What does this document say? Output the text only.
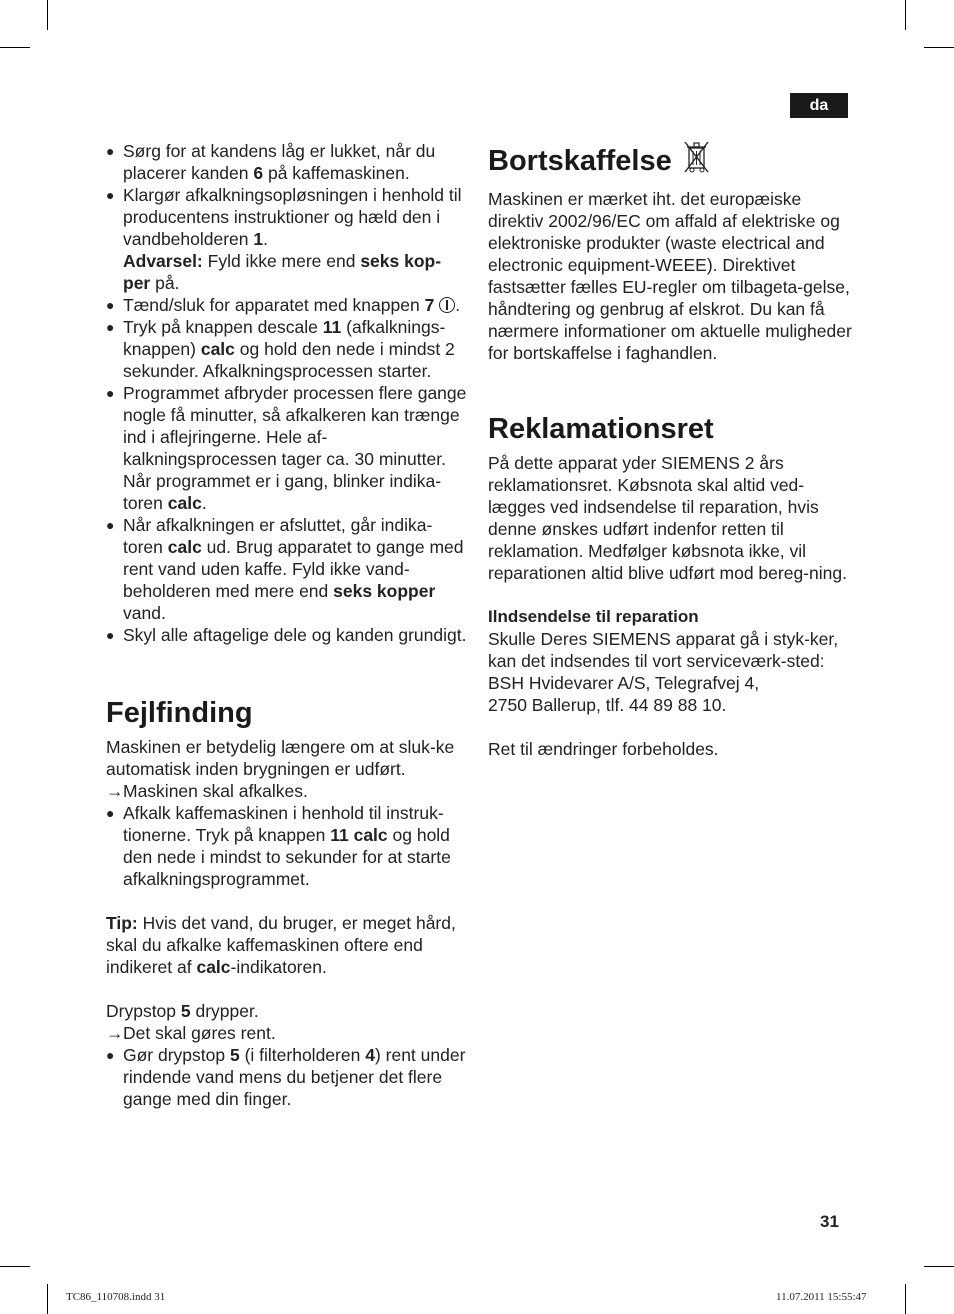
da
● Sørg for at kandens låg er lukket, når du placerer kanden 6 på kaffemaskinen.
● Klargør afkalkningsopløsningen i henhold til producentens instruktioner og hæld den i vandbeholderen 1.
Advarsel: Fyld ikke mere end seks kop-per på.
● Tænd/sluk for apparatet med knappen 7 .
● Tryk på knappen descale 11 (afkalknings-knappen) calc og hold den nede i mindst 2 sekunder. Afkalkningsprocessen starter.
● Programmet afbryder processen flere gange nogle få minutter, så afkalkeren kan trænge ind i aflejringerne. Hele af-kalkningsprocessen tager ca. 30 minutter. Når programmet er i gang, blinker indika-toren calc.
● Når afkalkningen er afsluttet, går indika-toren calc ud. Brug apparatet to gange med rent vand uden kaffe. Fyld ikke vand-beholderen med mere end seks kopper vand.
● Skyl alle aftagelige dele og kanden grundigt.
Fejlfinding

Maskinen er betydelig længere om at sluk-ke automatisk inden brygningen er udført.

→Maskinen skal afkalkes.

● Afkalk kaffemaskinen i henhold til instruk-tionerne. Tryk på knappen 11 calc og hold den nede i mindst to sekunder for at starte afkalkningsprogrammet.

Tip: Hvis det vand, du bruger, er meget hård, skal du afkalke kaffemaskinen oftere end indikeret af calc-indikatoren.

Drypstop 5 drypper.

→Det skal gøres rent.

● Gør drypstop 5 (i filterholderen 4) rent under rindende vand mens du betjener det flere gange med din finger.
Bortskaffelse

Maskinen er mærket iht. det europæiske direktiv 2002/96/EC om affald af elektriske og elektroniske produkter (waste electrical and electronic equipment-WEEE). Direktivet fastsætter fælles EU-regler om tilbageta-gelse, håndtering og genbrug af elskrot. Du kan få nærmere informationer om aktuelle muligheder for bortskaffelse i faghandlen.

Reklamationsret

På dette apparat yder SIEMENS 2 års reklamationsret. Købsnota skal altid ved-lægges ved indsendelse til reparation, hvis denne ønskes udført indenfor retten til reklamation. Medfølger købsnota ikke, vil reparationen altid blive udført mod bereg-ning.

Ilndsendelse til reparation

Skulle Deres SIEMENS apparat gå i styk-ker, kan det indsendes til vort serviceværk-sted:

BSH Hvidevarer A/S, Telegrafvej 4,

2750 Ballerup, tlf. 44 89 88 10.

Ret til ændringer forbeholdes.

31
TC86_110708.indd 31	11.07.2011 15:55:47
